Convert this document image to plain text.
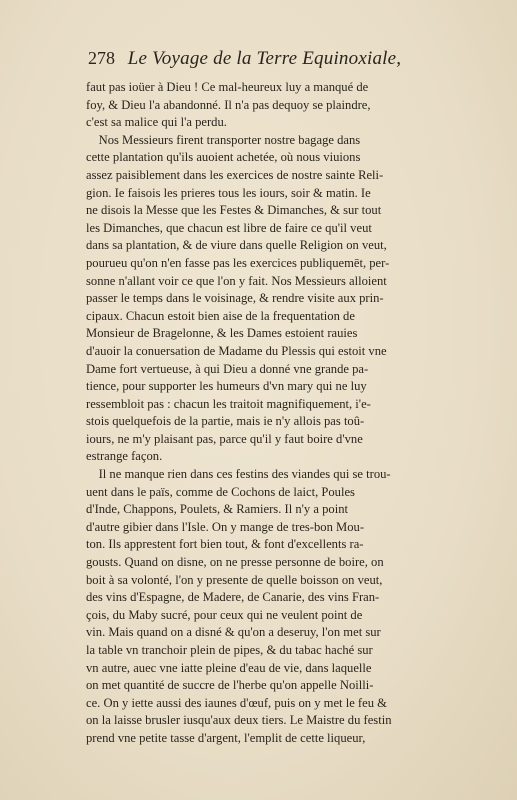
278 Le Voyage de la Terre Equinoxiale,
faut pas ioüer à Dieu ! Ce mal-heureux luy a manqué de
foy, & Dieu l'a abandonné. Il n'a pas dequoy se plaindre,
c'est sa malice qui l'a perdu.
Nos Messieurs firent transporter nostre bagage dans
cette plantation qu'ils auoient achetée, où nous viuions
assez paisiblement dans les exercices de nostre sainte Reli-
gion. Ie faisois les prieres tous les iours, soir & matin. Ie
ne disois la Messe que les Festes & Dimanches, & sur tout
les Dimanches, que chacun est libre de faire ce qu'il veut
dans sa plantation, & de viure dans quelle Religion on veut,
pourueu qu'on n'en fasse pas les exercices publiquemēt, per-
sonne n'allant voir ce que l'on y fait. Nos Messieurs alloient
passer le temps dans le voisinage, & rendre visite aux prin-
cipaux. Chacun estoit bien aise de la frequentation de
Monsieur de Bragelonne, & les Dames estoient rauies
d'auoir la conuersation de Madame du Plessis qui estoit vne
Dame fort vertueuse, à qui Dieu a donné vne grande pa-
tience, pour supporter les humeurs d'vn mary qui ne luy
ressembloit pas : chacun les traitoit magnifiquement, i'e-
stois quelquefois de la partie, mais ie n'y allois pas toû-
iours, ne m'y plaisant pas, parce qu'il y faut boire d'vne
estrange façon.
Il ne manque rien dans ces festins des viandes qui se trou-
uent dans le païs, comme de Cochons de laict, Poules
d'Inde, Chappons, Poulets, & Ramiers. Il n'y a point
d'autre gibier dans l'Isle. On y mange de tres-bon Mou-
ton. Ils apprestent fort bien tout, & font d'excellents ra-
gousts. Quand on disne, on ne presse personne de boire, on
boit à sa volonté, l'on y presente de quelle boisson on veut,
des vins d'Espagne, de Madere, de Canarie, des vins Fran-
çois, du Maby sucré, pour ceux qui ne veulent point de
vin. Mais quand on a disné & qu'on a deseruy, l'on met sur
la table vn tranchoir plein de pipes, & du tabac haché sur
vn autre, auec vne iatte pleine d'eau de vie, dans laquelle
on met quantité de succre de l'herbe qu'on appelle Noilli-
ce. On y iette aussi des iaunes d'œuf, puis on y met le feu &
on la laisse brusler iusqu'aux deux tiers. Le Maistre du festin
prend vne petite tasse d'argent, l'emplit de cette liqueur,
